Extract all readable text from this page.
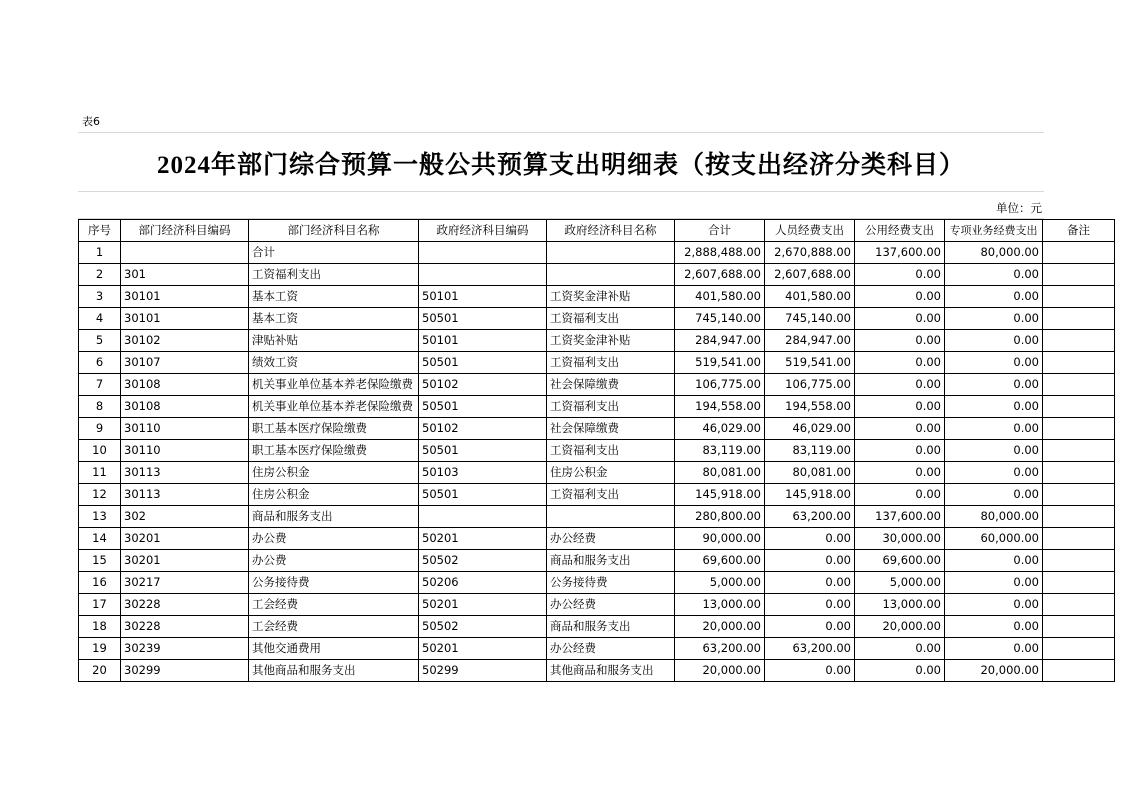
表6
2024年部门综合预算一般公共预算支出明细表（按支出经济分类科目）
单位：元
序号	部门经济科目编码	部门经济科目名称	政府经济科目编码	政府经济科目名称	合计	人员经费支出	公用经费支出	专项业务经费支出	备注
1		合计			2,888,488.00	2,670,888.00	137,600.00	80,000.00	
2	301	工资福利支出			2,607,688.00	2,607,688.00	0.00	0.00	
3	30101	基本工资	50101	工资奖金津补贴	401,580.00	401,580.00	0.00	0.00	
4	30101	基本工资	50501	工资福利支出	745,140.00	745,140.00	0.00	0.00	
5	30102	津贴补贴	50101	工资奖金津补贴	284,947.00	284,947.00	0.00	0.00	
6	30107	绩效工资	50501	工资福利支出	519,541.00	519,541.00	0.00	0.00	
7	30108	机关事业单位基本养老保险缴费	50102	社会保障缴费	106,775.00	106,775.00	0.00	0.00	
8	30108	机关事业单位基本养老保险缴费	50501	工资福利支出	194,558.00	194,558.00	0.00	0.00	
9	30110	职工基本医疗保险缴费	50102	社会保障缴费	46,029.00	46,029.00	0.00	0.00	
10	30110	职工基本医疗保险缴费	50501	工资福利支出	83,119.00	83,119.00	0.00	0.00	
11	30113	住房公积金	50103	住房公积金	80,081.00	80,081.00	0.00	0.00	
12	30113	住房公积金	50501	工资福利支出	145,918.00	145,918.00	0.00	0.00	
13	302	商品和服务支出			280,800.00	63,200.00	137,600.00	80,000.00	
14	30201	办公费	50201	办公经费	90,000.00	0.00	30,000.00	60,000.00	
15	30201	办公费	50502	商品和服务支出	69,600.00	0.00	69,600.00	0.00	
16	30217	公务接待费	50206	公务接待费	5,000.00	0.00	5,000.00	0.00	
17	30228	工会经费	50201	办公经费	13,000.00	0.00	13,000.00	0.00	
18	30228	工会经费	50502	商品和服务支出	20,000.00	0.00	20,000.00	0.00	
19	30239	其他交通费用	50201	办公经费	63,200.00	63,200.00	0.00	0.00	
20	30299	其他商品和服务支出	50299	其他商品和服务支出	20,000.00	0.00	0.00	20,000.00	
